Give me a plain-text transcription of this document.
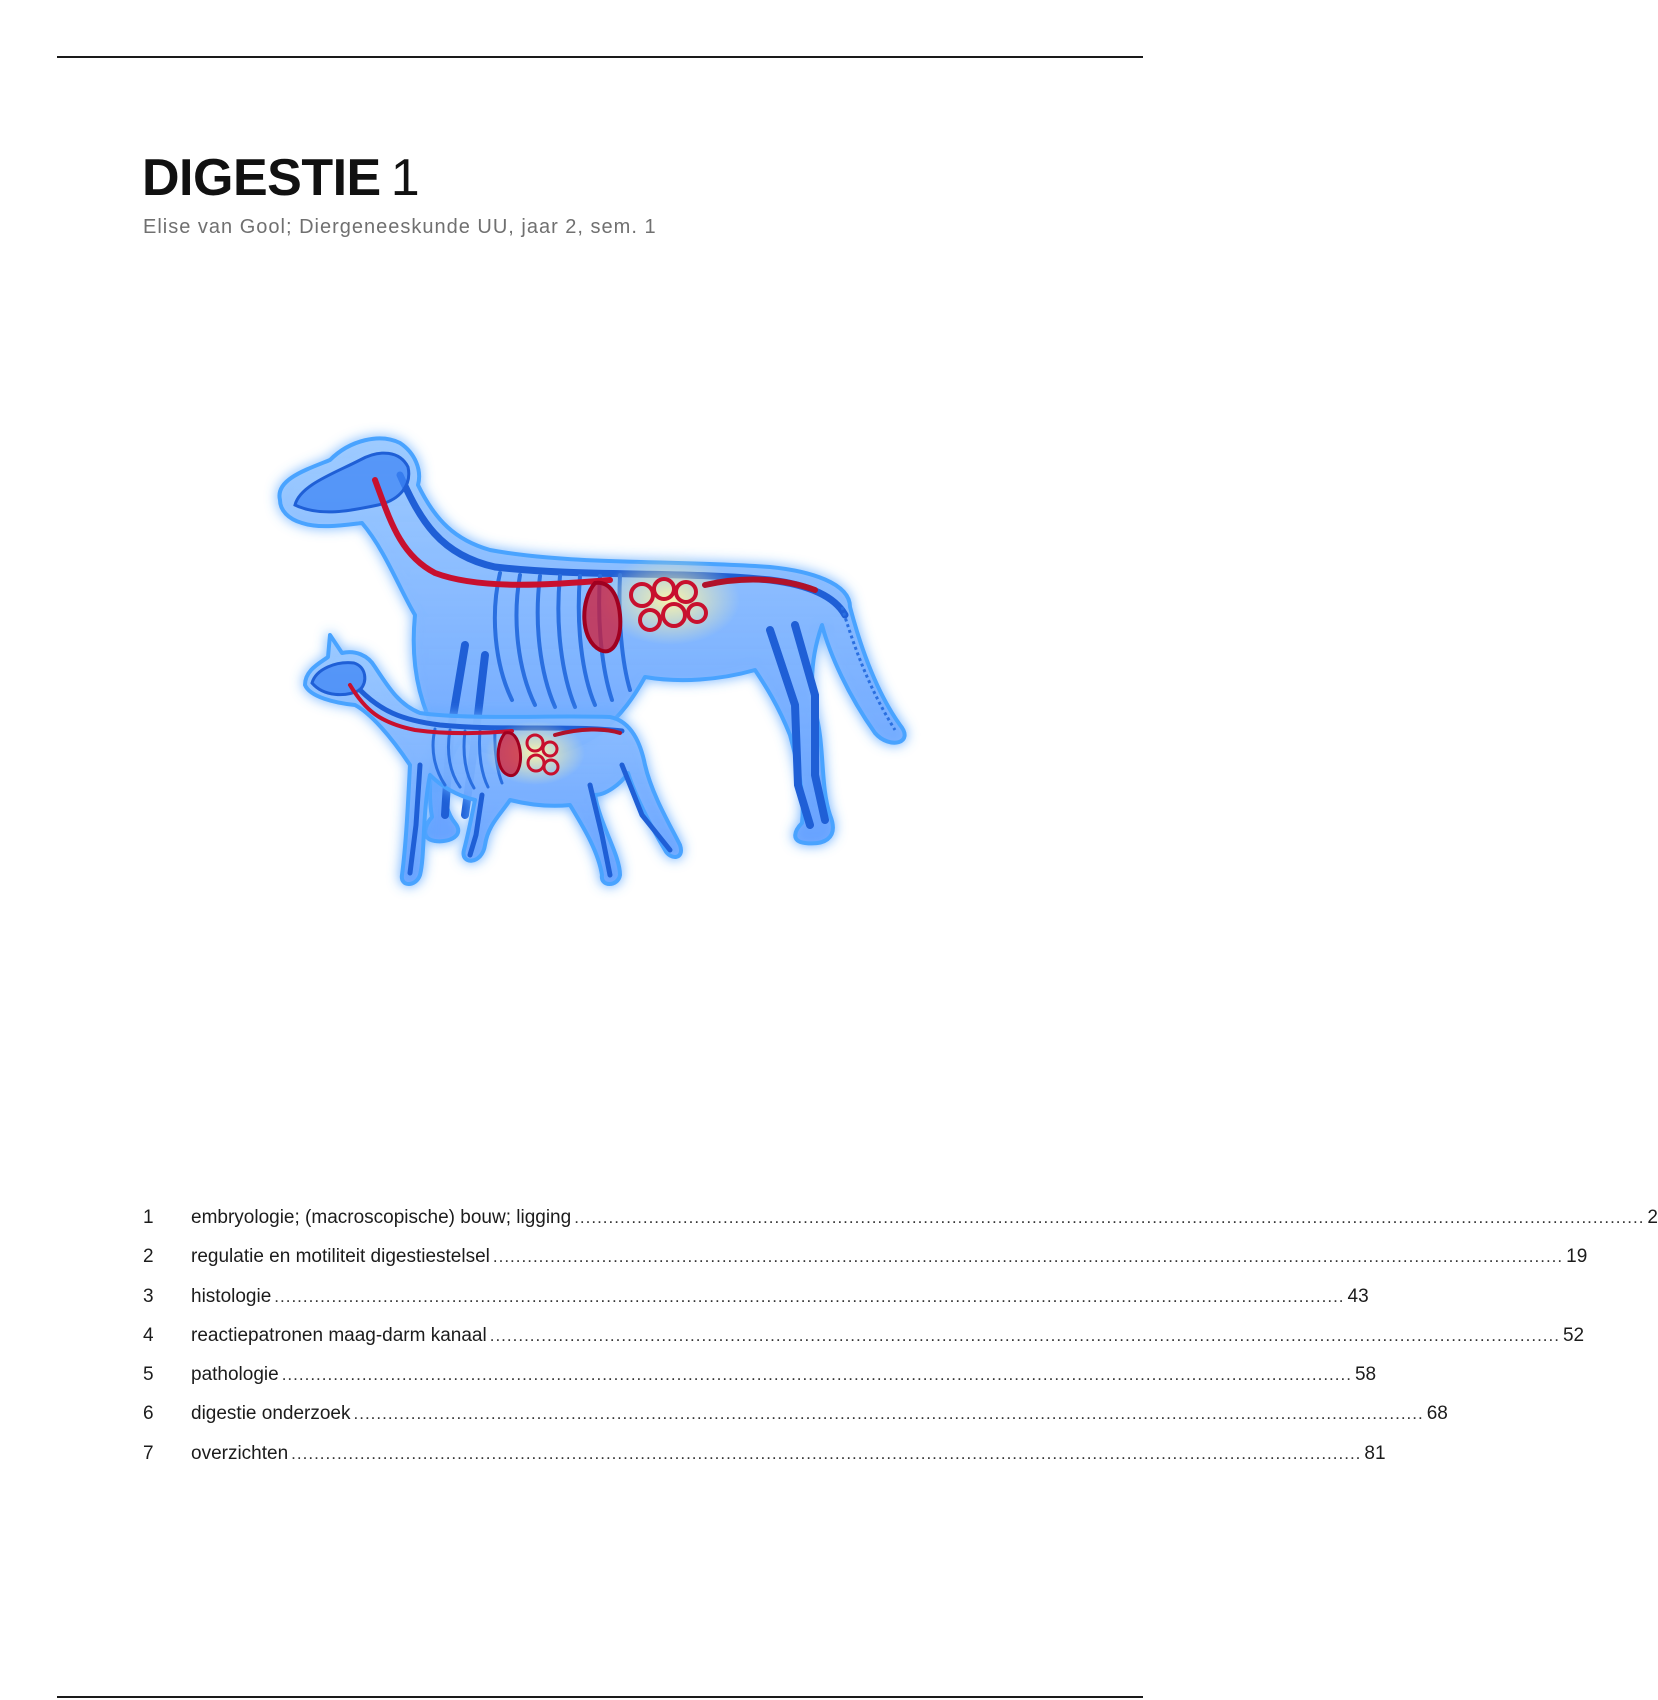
DIGESTIE 1

Elise van Gool; Diergeneeskunde UU, jaar 2, sem. 1

1	embryologie; (macroscopische) bouw; ligging ........................................................................................................................................................................................... 2
2	regulatie en motiliteit digestiestelsel ........................................................................................................................................................................................... 19
3	histologie ........................................................................................................................................................................................... 43
4	reactiepatronen maag-darm kanaal ........................................................................................................................................................................................... 52
5	pathologie ........................................................................................................................................................................................... 58
6	digestie onderzoek ........................................................................................................................................................................................... 68
7	overzichten ........................................................................................................................................................................................... 81
